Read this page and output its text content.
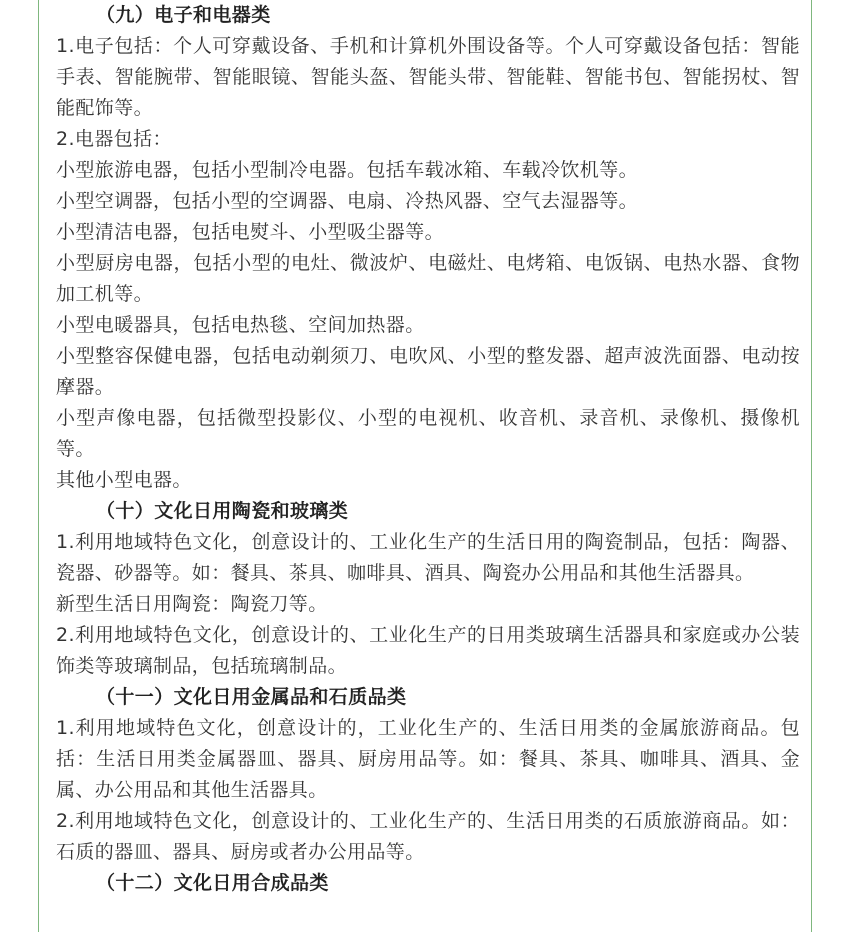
（九）电子和电器类

1.电子包括：个人可穿戴设备、手机和计算机外围设备等。个人可穿戴设备包括：智能手表、智能腕带、智能眼镜、智能头盔、智能头带、智能鞋、智能书包、智能拐杖、智能配饰等。

2.电器包括：

小型旅游电器，包括小型制冷电器。包括车载冰箱、车载冷饮机等。

小型空调器，包括小型的空调器、电扇、冷热风器、空气去湿器等。

小型清洁电器，包括电熨斗、小型吸尘器等。

小型厨房电器，包括小型的电灶、微波炉、电磁灶、电烤箱、电饭锅、电热水器、食物加工机等。

小型电暖器具，包括电热毯、空间加热器。

小型整容保健电器，包括电动剃须刀、电吹风、小型的整发器、超声波洗面器、电动按摩器。

小型声像电器，包括微型投影仪、小型的电视机、收音机、录音机、录像机、摄像机等。

其他小型电器。

（十）文化日用陶瓷和玻璃类

1.利用地域特色文化，创意设计的、工业化生产的生活日用的陶瓷制品，包括：陶器、瓷器、砂器等。如：餐具、茶具、咖啡具、酒具、陶瓷办公用品和其他生活器具。

新型生活日用陶瓷：陶瓷刀等。

2.利用地域特色文化，创意设计的、工业化生产的日用类玻璃生活器具和家庭或办公装饰类等玻璃制品，包括琉璃制品。

（十一）文化日用金属品和石质品类

1.利用地域特色文化，创意设计的，工业化生产的、生活日用类的金属旅游商品。包括：生活日用类金属器皿、器具、厨房用品等。如：餐具、茶具、咖啡具、酒具、金属、办公用品和其他生活器具。

2.利用地域特色文化，创意设计的、工业化生产的、生活日用类的石质旅游商品。如：石质的器皿、器具、厨房或者办公用品等。

（十二）文化日用合成品类
